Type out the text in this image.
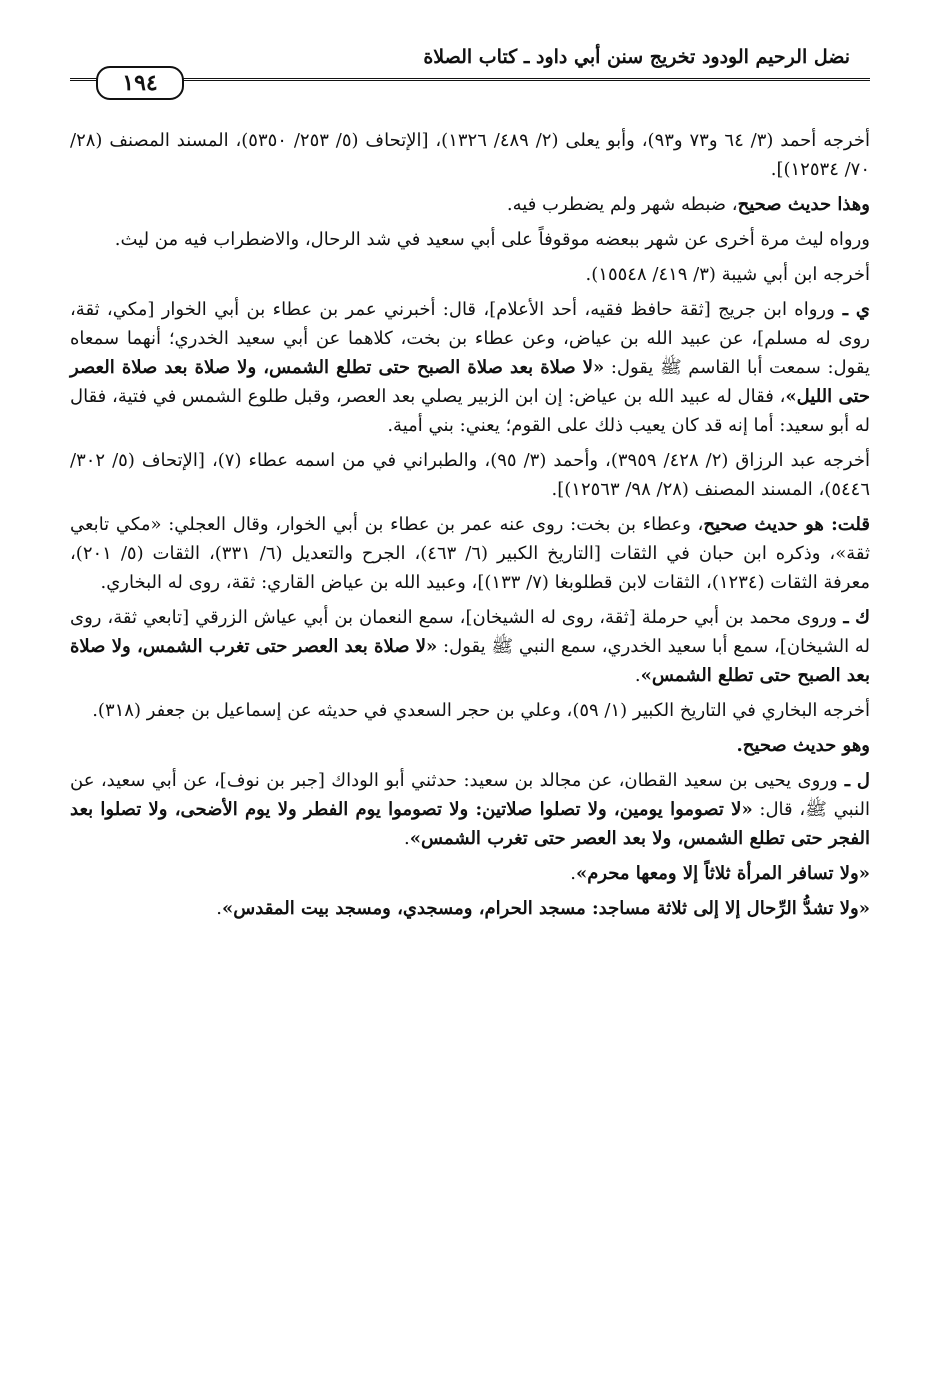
نضل الرحيم الودود تخريج سنن أبي داود ـ كتاب الصلاة
١٩٤

أخرجه أحمد (٣/ ٦٤ و٧٣ و٩٣)، وأبو يعلى (٢/ ٤٨٩/ ١٣٢٦)، [الإتحاف (٥/ ٢٥٣/ ٥٣٥٠)، المسند المصنف (٢٨/ ٧٠/ ١٢٥٣٤)].

وهذا حديث صحيح، ضبطه شهر ولم يضطرب فيه.

ورواه ليث مرة أخرى عن شهر ببعضه موقوفاً على أبي سعيد في شد الرحال، والاضطراب فيه من ليث.

أخرجه ابن أبي شيبة (٣/ ٤١٩/ ١٥٥٤٨).

ي ـ ورواه ابن جريج [ثقة حافظ فقيه، أحد الأعلام]، قال: أخبرني عمر بن عطاء بن أبي الخوار [مكي، ثقة، روى له مسلم]، عن عبيد الله بن عياض، وعن عطاء بن بخت، كلاهما عن أبي سعيد الخدري؛ أنهما سمعاه يقول: سمعت أبا القاسم ﷺ يقول: «لا صلاة بعد صلاة الصبح حتى تطلع الشمس، ولا صلاة بعد صلاة العصر حتى الليل»، فقال له عبيد الله بن عياض: إن ابن الزبير يصلي بعد العصر، وقبل طلوع الشمس في فتية، فقال له أبو سعيد: أما إنه قد كان يعيب ذلك على القوم؛ يعني: بني أمية.

أخرجه عبد الرزاق (٢/ ٤٢٨/ ٣٩٥٩)، وأحمد (٣/ ٩٥)، والطبراني في من اسمه عطاء (٧)، [الإتحاف (٥/ ٣٠٢/ ٥٤٤٦)، المسند المصنف (٢٨/ ٩٨/ ١٢٥٦٣)].

قلت: هو حديث صحيح، وعطاء بن بخت: روى عنه عمر بن عطاء بن أبي الخوار، وقال العجلي: «مكي تابعي ثقة»، وذكره ابن حبان في الثقات [التاريخ الكبير (٦/ ٤٦٣)، الجرح والتعديل (٦/ ٣٣١)، الثقات (٥/ ٢٠١)، معرفة الثقات (١٢٣٤)، الثقات لابن قطلوبغا (٧/ ١٣٣)]، وعبيد الله بن عياض القاري: ثقة، روى له البخاري.

ك ـ وروى محمد بن أبي حرملة [ثقة، روى له الشيخان]، سمع النعمان بن أبي عياش الزرقي [تابعي ثقة، روى له الشيخان]، سمع أبا سعيد الخدري، سمع النبي ﷺ يقول: «لا صلاة بعد العصر حتى تغرب الشمس، ولا صلاة بعد الصبح حتى تطلع الشمس».

أخرجه البخاري في التاريخ الكبير (١/ ٥٩)، وعلي بن حجر السعدي في حديثه عن إسماعيل بن جعفر (٣١٨).

وهو حديث صحيح.

ل ـ وروى يحيى بن سعيد القطان، عن مجالد بن سعيد: حدثني أبو الوداك [جبر بن نوف]، عن أبي سعيد، عن النبي ﷺ، قال: «لا تصوموا يومين، ولا تصلوا صلاتين: ولا تصوموا يوم الفطر ولا يوم الأضحى، ولا تصلوا بعد الفجر حتى تطلع الشمس، ولا بعد العصر حتى تغرب الشمس».

«ولا تسافر المرأة ثلاثاً إلا ومعها محرم».

«ولا تشدُّ الرِّحال إلا إلى ثلاثة مساجد: مسجد الحرام، ومسجدي، ومسجد بيت المقدس».
